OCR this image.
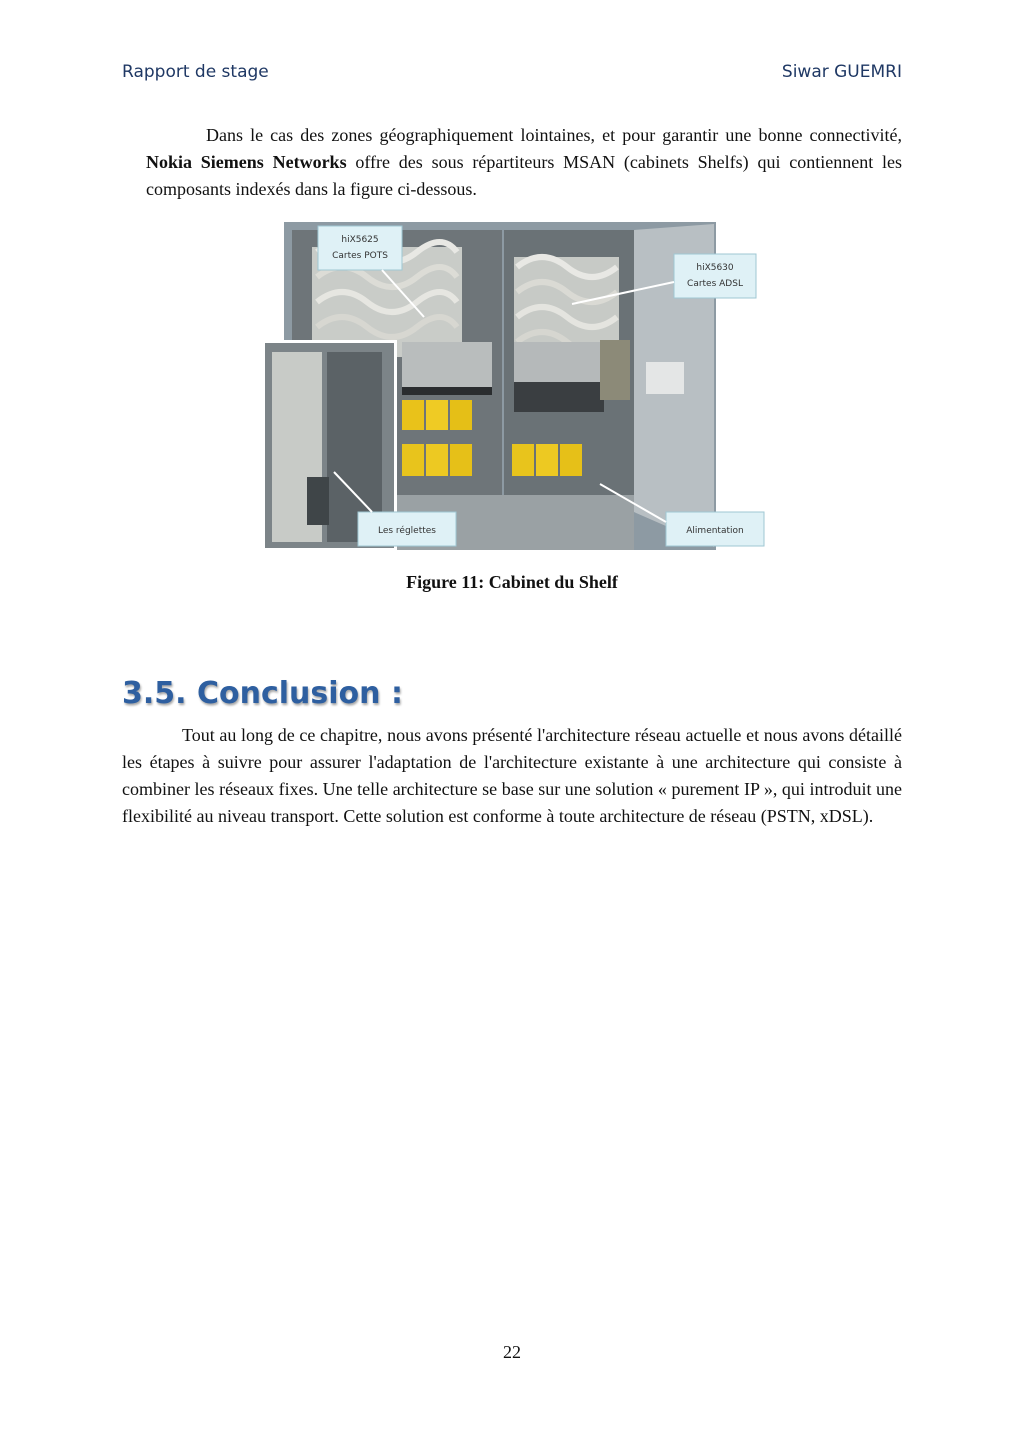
Rapport de stage	Siwar GUEMRI

Dans le cas des zones géographiquement lointaines, et pour garantir une bonne connectivité, Nokia Siemens Networks offre des sous répartiteurs MSAN (cabinets Shelfs) qui contiennent les composants indexés dans la figure ci-dessous.

hiX5625
Cartes POTS
hiX5630
Cartes ADSL
Les réglettes	Alimentation
Figure 11: Cabinet du Shelf
3.5. Conclusion :

Tout au long de ce chapitre, nous avons présenté l'architecture réseau actuelle et nous avons détaillé les étapes à suivre pour assurer l'adaptation de l'architecture existante à une architecture qui consiste à combiner les réseaux fixes. Une telle architecture se base sur une solution « purement IP », qui introduit une flexibilité au niveau transport. Cette solution est conforme à toute architecture de réseau (PSTN, xDSL).

22
